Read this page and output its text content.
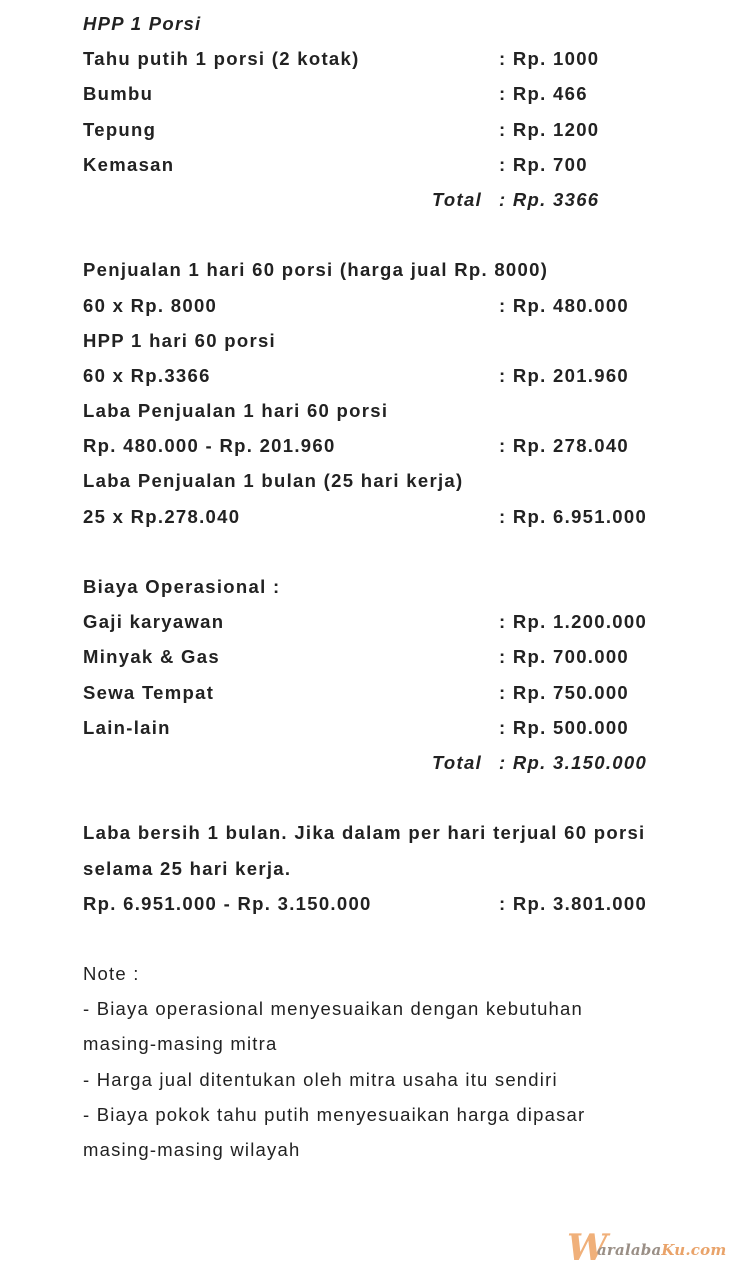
HPP 1 Porsi
Tahu putih 1 porsi (2 kotak)	: Rp. 1000
Bumbu	: Rp. 466
Tepung	: Rp. 1200
Kemasan	: Rp. 700
Total : Rp. 3366
Penjualan 1 hari 60 porsi (harga jual Rp. 8000)
60 x Rp. 8000	: Rp. 480.000
HPP 1 hari 60 porsi
60 x Rp.3366	: Rp. 201.960
Laba Penjualan 1 hari 60 porsi
Rp. 480.000 - Rp. 201.960	: Rp. 278.040
Laba Penjualan 1 bulan (25 hari kerja)
25 x Rp.278.040	: Rp. 6.951.000
Biaya Operasional :
Gaji karyawan	: Rp. 1.200.000
Minyak & Gas	: Rp. 700.000
Sewa Tempat	: Rp. 750.000
Lain-lain	: Rp. 500.000
Total : Rp. 3.150.000
Laba bersih 1 bulan. Jika dalam per hari terjual 60 porsi
selama 25 hari kerja.
Rp. 6.951.000 - Rp. 3.150.000	: Rp. 3.801.000
Note :
- Biaya operasional menyesuaikan dengan kebutuhan
masing-masing mitra
- Harga jual ditentukan oleh mitra usaha itu sendiri
- Biaya pokok tahu putih menyesuaikan harga dipasar
masing-masing wilayah
W
aralabaKu.com
